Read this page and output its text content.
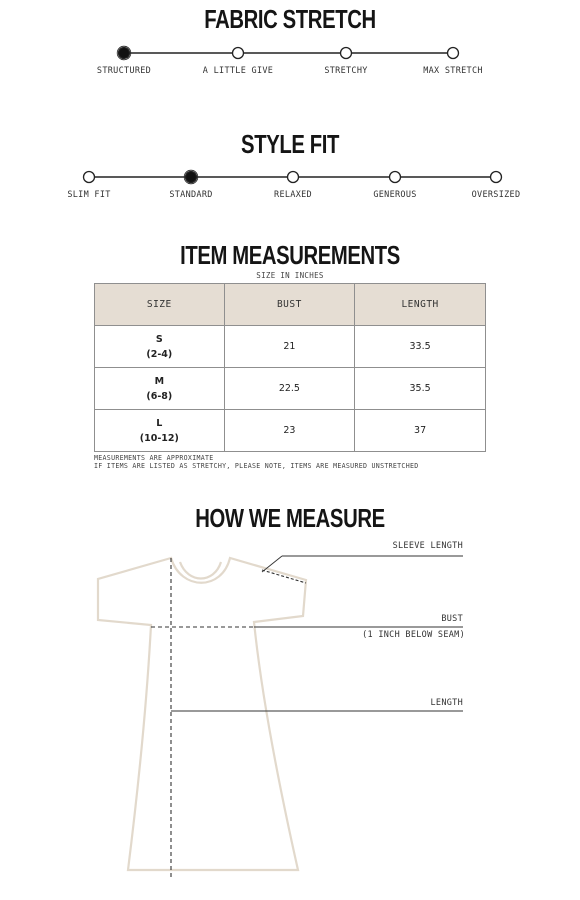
FABRIC STRETCH
STRUCTURED	A LITTLE GIVE	STRETCHY	MAX STRETCH
STYLE FIT
SLIM FIT	STANDARD	RELAXED	GENEROUS	OVERSIZED
ITEM MEASUREMENTS
SIZE IN INCHES
SIZE	BUST	LENGTH
S
(2-4)	21	33.5
M
(6-8)	22.5	35.5
L
(10-12)	23	37
MEASUREMENTS ARE APPROXIMATE
IF ITEMS ARE LISTED AS STRETCHY, PLEASE NOTE, ITEMS ARE MEASURED UNSTRETCHED
HOW WE MEASURE
SLEEVE LENGTH
BUST
(1 INCH BELOW SEAM)
LENGTH
